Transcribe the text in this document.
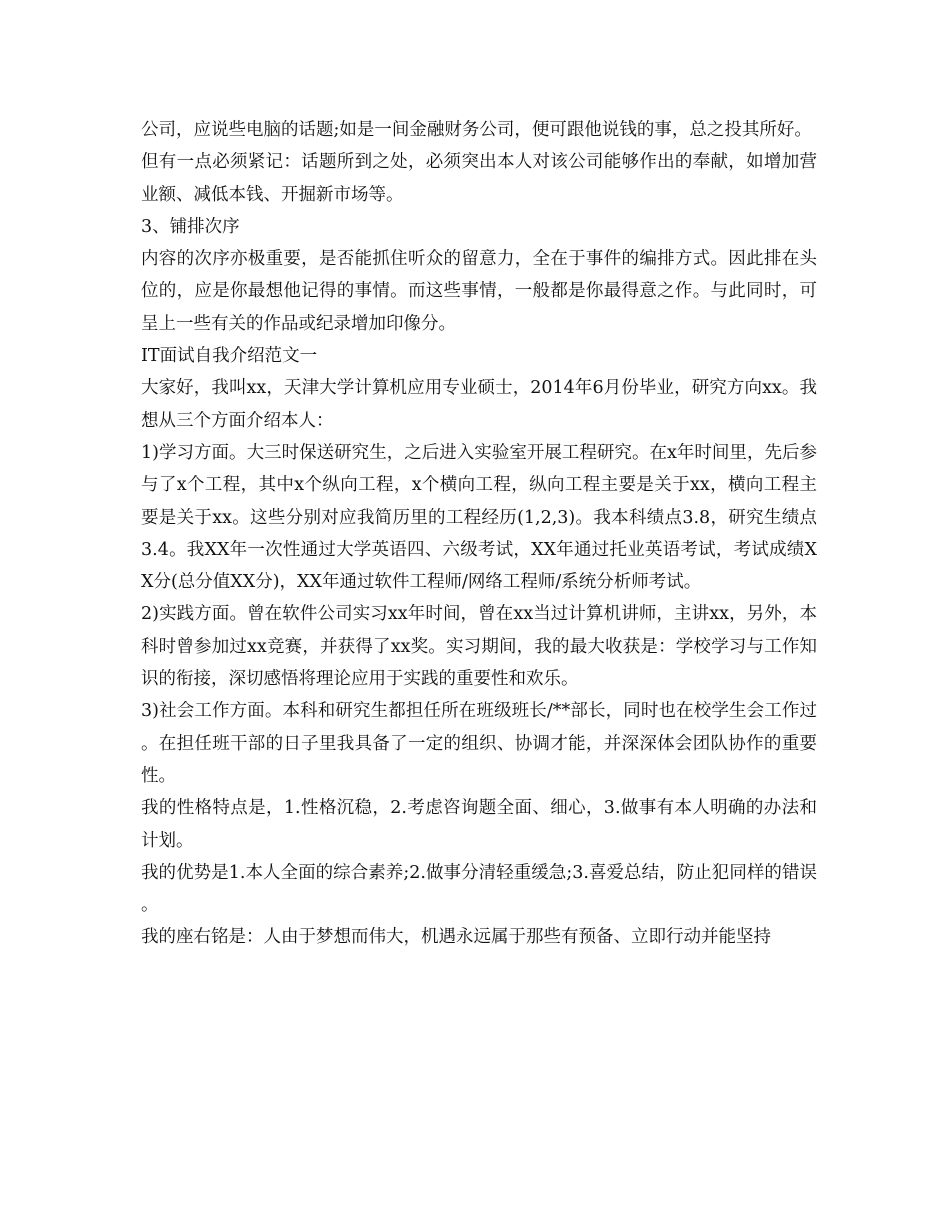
公司，应说些电脑的话题;如是一间金融财务公司，便可跟他说钱的事，总之投其所好。

但有一点必须紧记：话题所到之处，必须突出本人对该公司能够作出的奉献，如增加营业额、减低本钱、开掘新市场等。

3、铺排次序

内容的次序亦极重要，是否能抓住听众的留意力，全在于事件的编排方式。因此排在头位的，应是你最想他记得的事情。而这些事情，一般都是你最得意之作。与此同时，可呈上一些有关的作品或纪录增加印像分。

IT面试自我介绍范文一

大家好，我叫xx，天津大学计算机应用专业硕士，2014年6月份毕业，研究方向xx。我想从三个方面介绍本人：

1)学习方面。大三时保送研究生，之后进入实验室开展工程研究。在x年时间里，先后参与了x个工程，其中x个纵向工程，x个横向工程，纵向工程主要是关于xx，横向工程主要是关于xx。这些分别对应我简历里的工程经历(1,2,3)。我本科绩点3.8，研究生绩点3.4。我XX年一次性通过大学英语四、六级考试，XX年通过托业英语考试，考试成绩XX分(总分值XX分)，XX年通过软件工程师/网络工程师/系统分析师考试。

2)实践方面。曾在软件公司实习xx年时间，曾在xx当过计算机讲师，主讲xx，另外，本科时曾参加过xx竞赛，并获得了xx奖。实习期间，我的最大收获是：学校学习与工作知识的衔接，深切感悟将理论应用于实践的重要性和欢乐。

3)社会工作方面。本科和研究生都担任所在班级班长/**部长，同时也在校学生会工作过。在担任班干部的日子里我具备了一定的组织、协调才能，并深深体会团队协作的重要性。

我的性格特点是，1.性格沉稳，2.考虑咨询题全面、细心，3.做事有本人明确的办法和计划。

我的优势是1.本人全面的综合素养;2.做事分清轻重缓急;3.喜爱总结，防止犯同样的错误。

我的座右铭是：人由于梦想而伟大，机遇永远属于那些有预备、立即行动并能坚持
